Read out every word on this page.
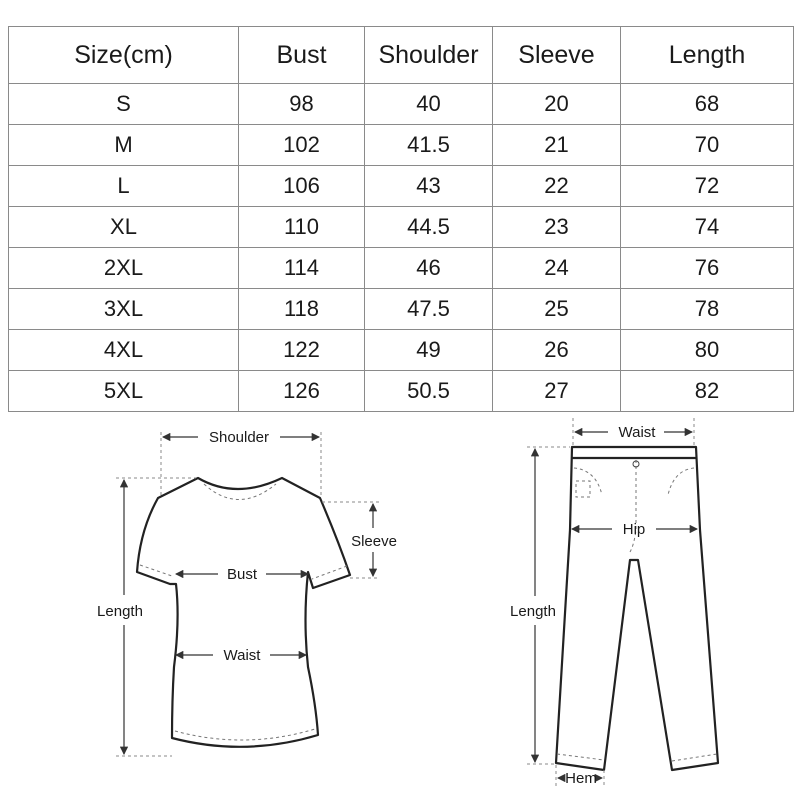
Size(cm)	Bust	Shoulder	Sleeve	Length
S	98	40	20	68
M	102	41.5	21	70
L	106	43	22	72
XL	110	44.5	23	74
2XL	114	46	24	76
3XL	118	47.5	25	78
4XL	122	49	26	80
5XL	126	50.5	27	82
Shoulder
Sleeve
Bust
Waist
Length
Waist
Hip
Length
Hem
